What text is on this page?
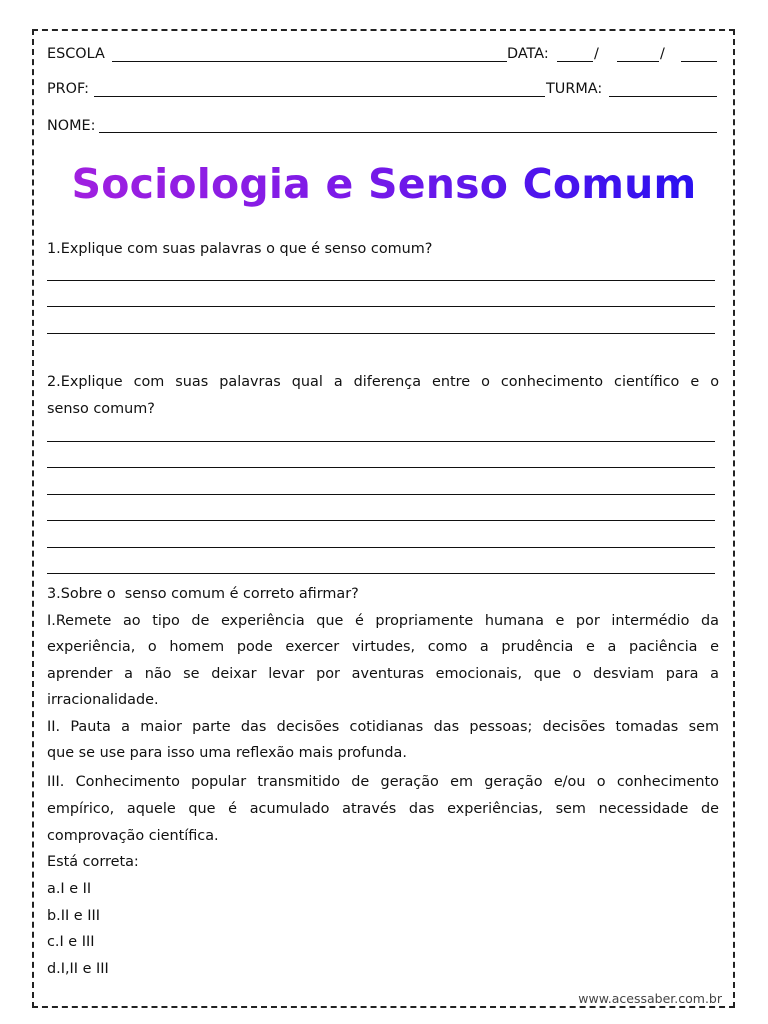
ESCOLA	DATA:	/	/
PROF:	TURMA:
NOME:
Sociologia e Senso Comum
1.Explique com suas palavras o que é senso comum?
2.Explique com suas palavras qual a diferença entre o conhecimento científico e o
senso comum?
3.Sobre o  senso comum é correto afirmar?
I.Remete ao tipo de experiência que é propriamente humana e por intermédio da
experiência, o homem pode exercer virtudes, como a prudência e a paciência e
aprender a não se deixar levar por aventuras emocionais, que o desviam para a
irracionalidade.
II. Pauta a maior parte das decisões cotidianas das pessoas; decisões tomadas sem
que se use para isso uma reflexão mais profunda.
III. Conhecimento popular transmitido de geração em geração e/ou o conhecimento
empírico, aquele que é acumulado através das experiências, sem necessidade de
comprovação científica.
Está correta:
a.I e II
b.II e III
c.I e III
d.I,II e III
www.acessaber.com.br
